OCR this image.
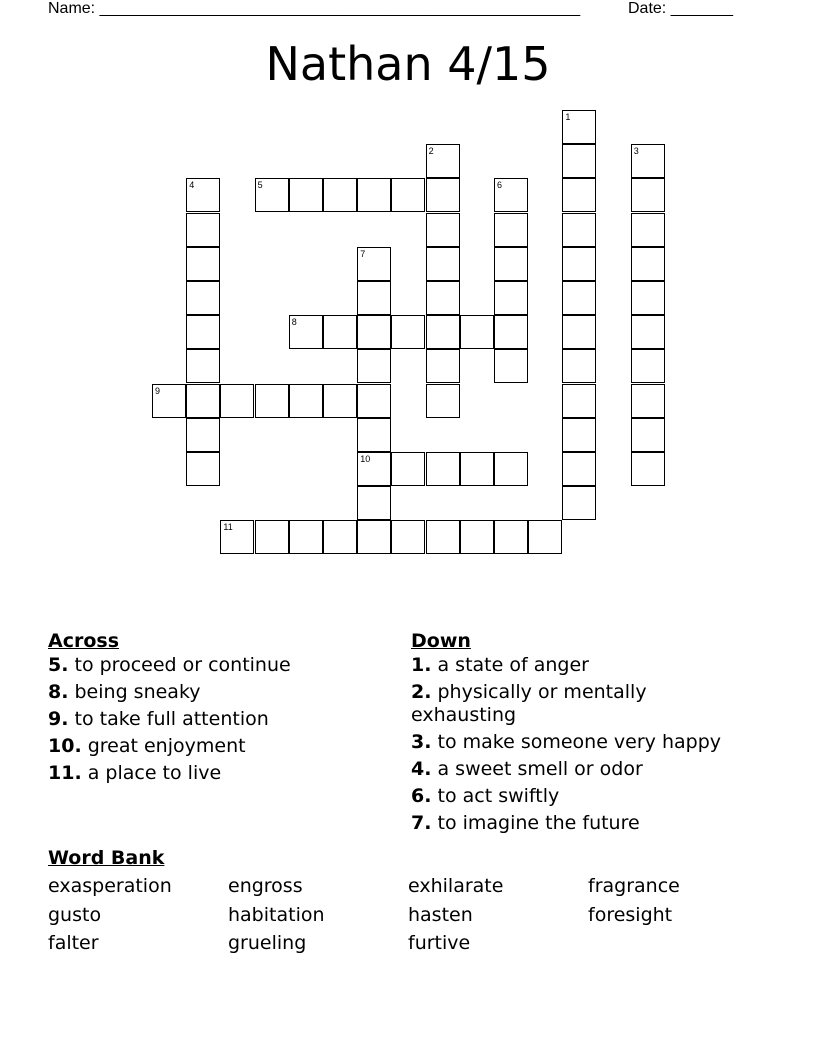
Name: ______________________________________________________	Date: _______
Nathan 4/15
1
2	3
4	5	6
7
8
9
10
11
Across
5. to proceed or continue
8. being sneaky
9. to take full attention
10. great enjoyment
11. a place to live
Down
1. a state of anger
2. physically or mentally exhausting
3. to make someone very happy
4. a sweet smell or odor
6. to act swiftly
7. to imagine the future
Word Bank
exasperation	engross	exhilarate	fragrance
gusto	habitation	hasten	foresight
falter	grueling	furtive
